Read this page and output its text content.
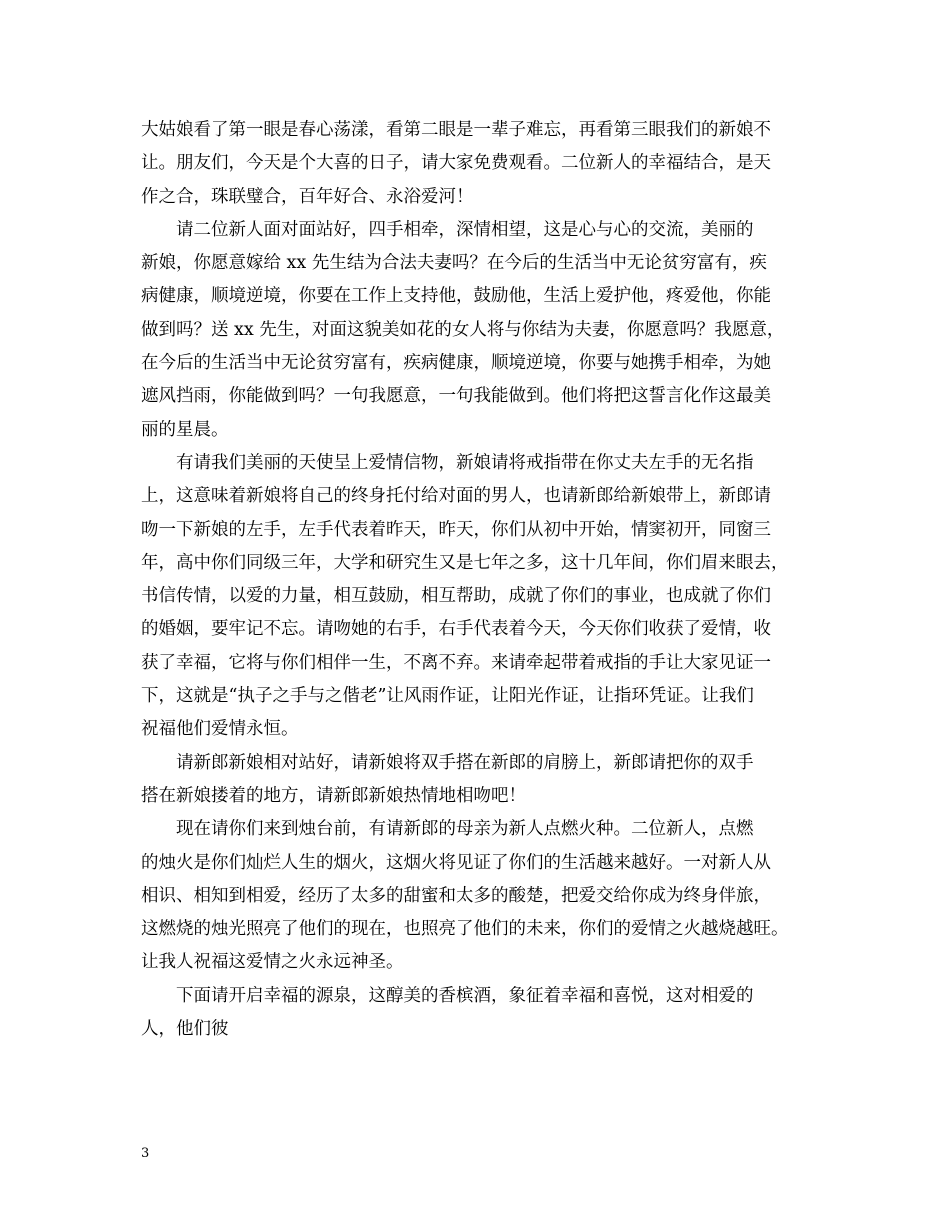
大姑娘看了第一眼是春心荡漾，看第二眼是一辈子难忘，再看第三眼我们的新娘不
让。朋友们，今天是个大喜的日子，请大家免费观看。二位新人的幸福结合，是天
作之合，珠联璧合，百年好合、永浴爱河！
　　请二位新人面对面站好，四手相牵，深情相望，这是心与心的交流，美丽的
新娘，你愿意嫁给 xx 先生结为合法夫妻吗？在今后的生活当中无论贫穷富有，疾
病健康，顺境逆境，你要在工作上支持他，鼓励他，生活上爱护他，疼爱他，你能
做到吗？送 xx 先生，对面这貌美如花的女人将与你结为夫妻，你愿意吗？我愿意，
在今后的生活当中无论贫穷富有，疾病健康，顺境逆境，你要与她携手相牵，为她
遮风挡雨，你能做到吗？一句我愿意，一句我能做到。他们将把这誓言化作这最美
丽的星晨。
　　有请我们美丽的天使呈上爱情信物，新娘请将戒指带在你丈夫左手的无名指
上，这意味着新娘将自己的终身托付给对面的男人，也请新郎给新娘带上，新郎请
吻一下新娘的左手，左手代表着昨天，昨天，你们从初中开始，情窦初开，同窗三
年，高中你们同级三年，大学和研究生又是七年之多，这十几年间，你们眉来眼去，
书信传情，以爱的力量，相互鼓励，相互帮助，成就了你们的事业，也成就了你们
的婚姻，要牢记不忘。请吻她的右手，右手代表着今天，今天你们收获了爱情，收
获了幸福，它将与你们相伴一生，不离不弃。来请牵起带着戒指的手让大家见证一
下，这就是“执子之手与之偕老”让风雨作证，让阳光作证，让指环凭证。让我们
祝福他们爱情永恒。
　　请新郎新娘相对站好，请新娘将双手搭在新郎的肩膀上，新郎请把你的双手
搭在新娘搂着的地方，请新郎新娘热情地相吻吧！
　　现在请你们来到烛台前，有请新郎的母亲为新人点燃火种。二位新人，点燃
的烛火是你们灿烂人生的烟火，这烟火将见证了你们的生活越来越好。一对新人从
相识、相知到相爱，经历了太多的甜蜜和太多的酸楚，把爱交给你成为终身伴旅，
这燃烧的烛光照亮了他们的现在，也照亮了他们的未来，你们的爱情之火越烧越旺。
让我人祝福这爱情之火永远神圣。
　　下面请开启幸福的源泉，这醇美的香槟酒，象征着幸福和喜悦，这对相爱的
人，他们彼
3
